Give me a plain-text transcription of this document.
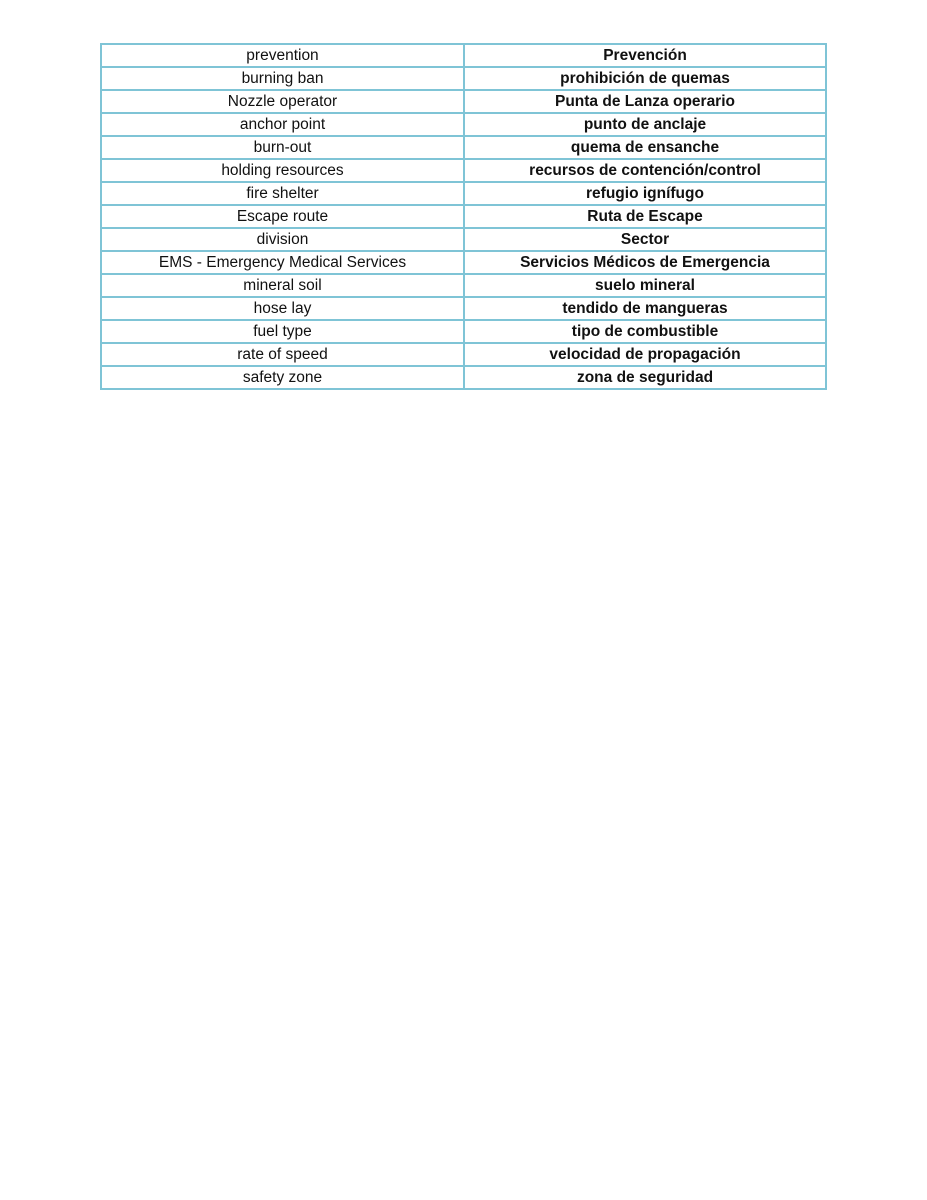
prevention	Prevención
burning ban	prohibición de quemas
Nozzle operator	Punta de Lanza operario
anchor point	punto de anclaje
burn-out	quema de ensanche
holding resources	recursos de contención/control
fire shelter	refugio ignífugo
Escape route	Ruta de Escape
division	Sector
EMS - Emergency Medical Services	Servicios Médicos de Emergencia
mineral soil	suelo mineral
hose lay	tendido de mangueras
fuel type	tipo de combustible
rate of speed	velocidad de propagación
safety zone	zona de seguridad
